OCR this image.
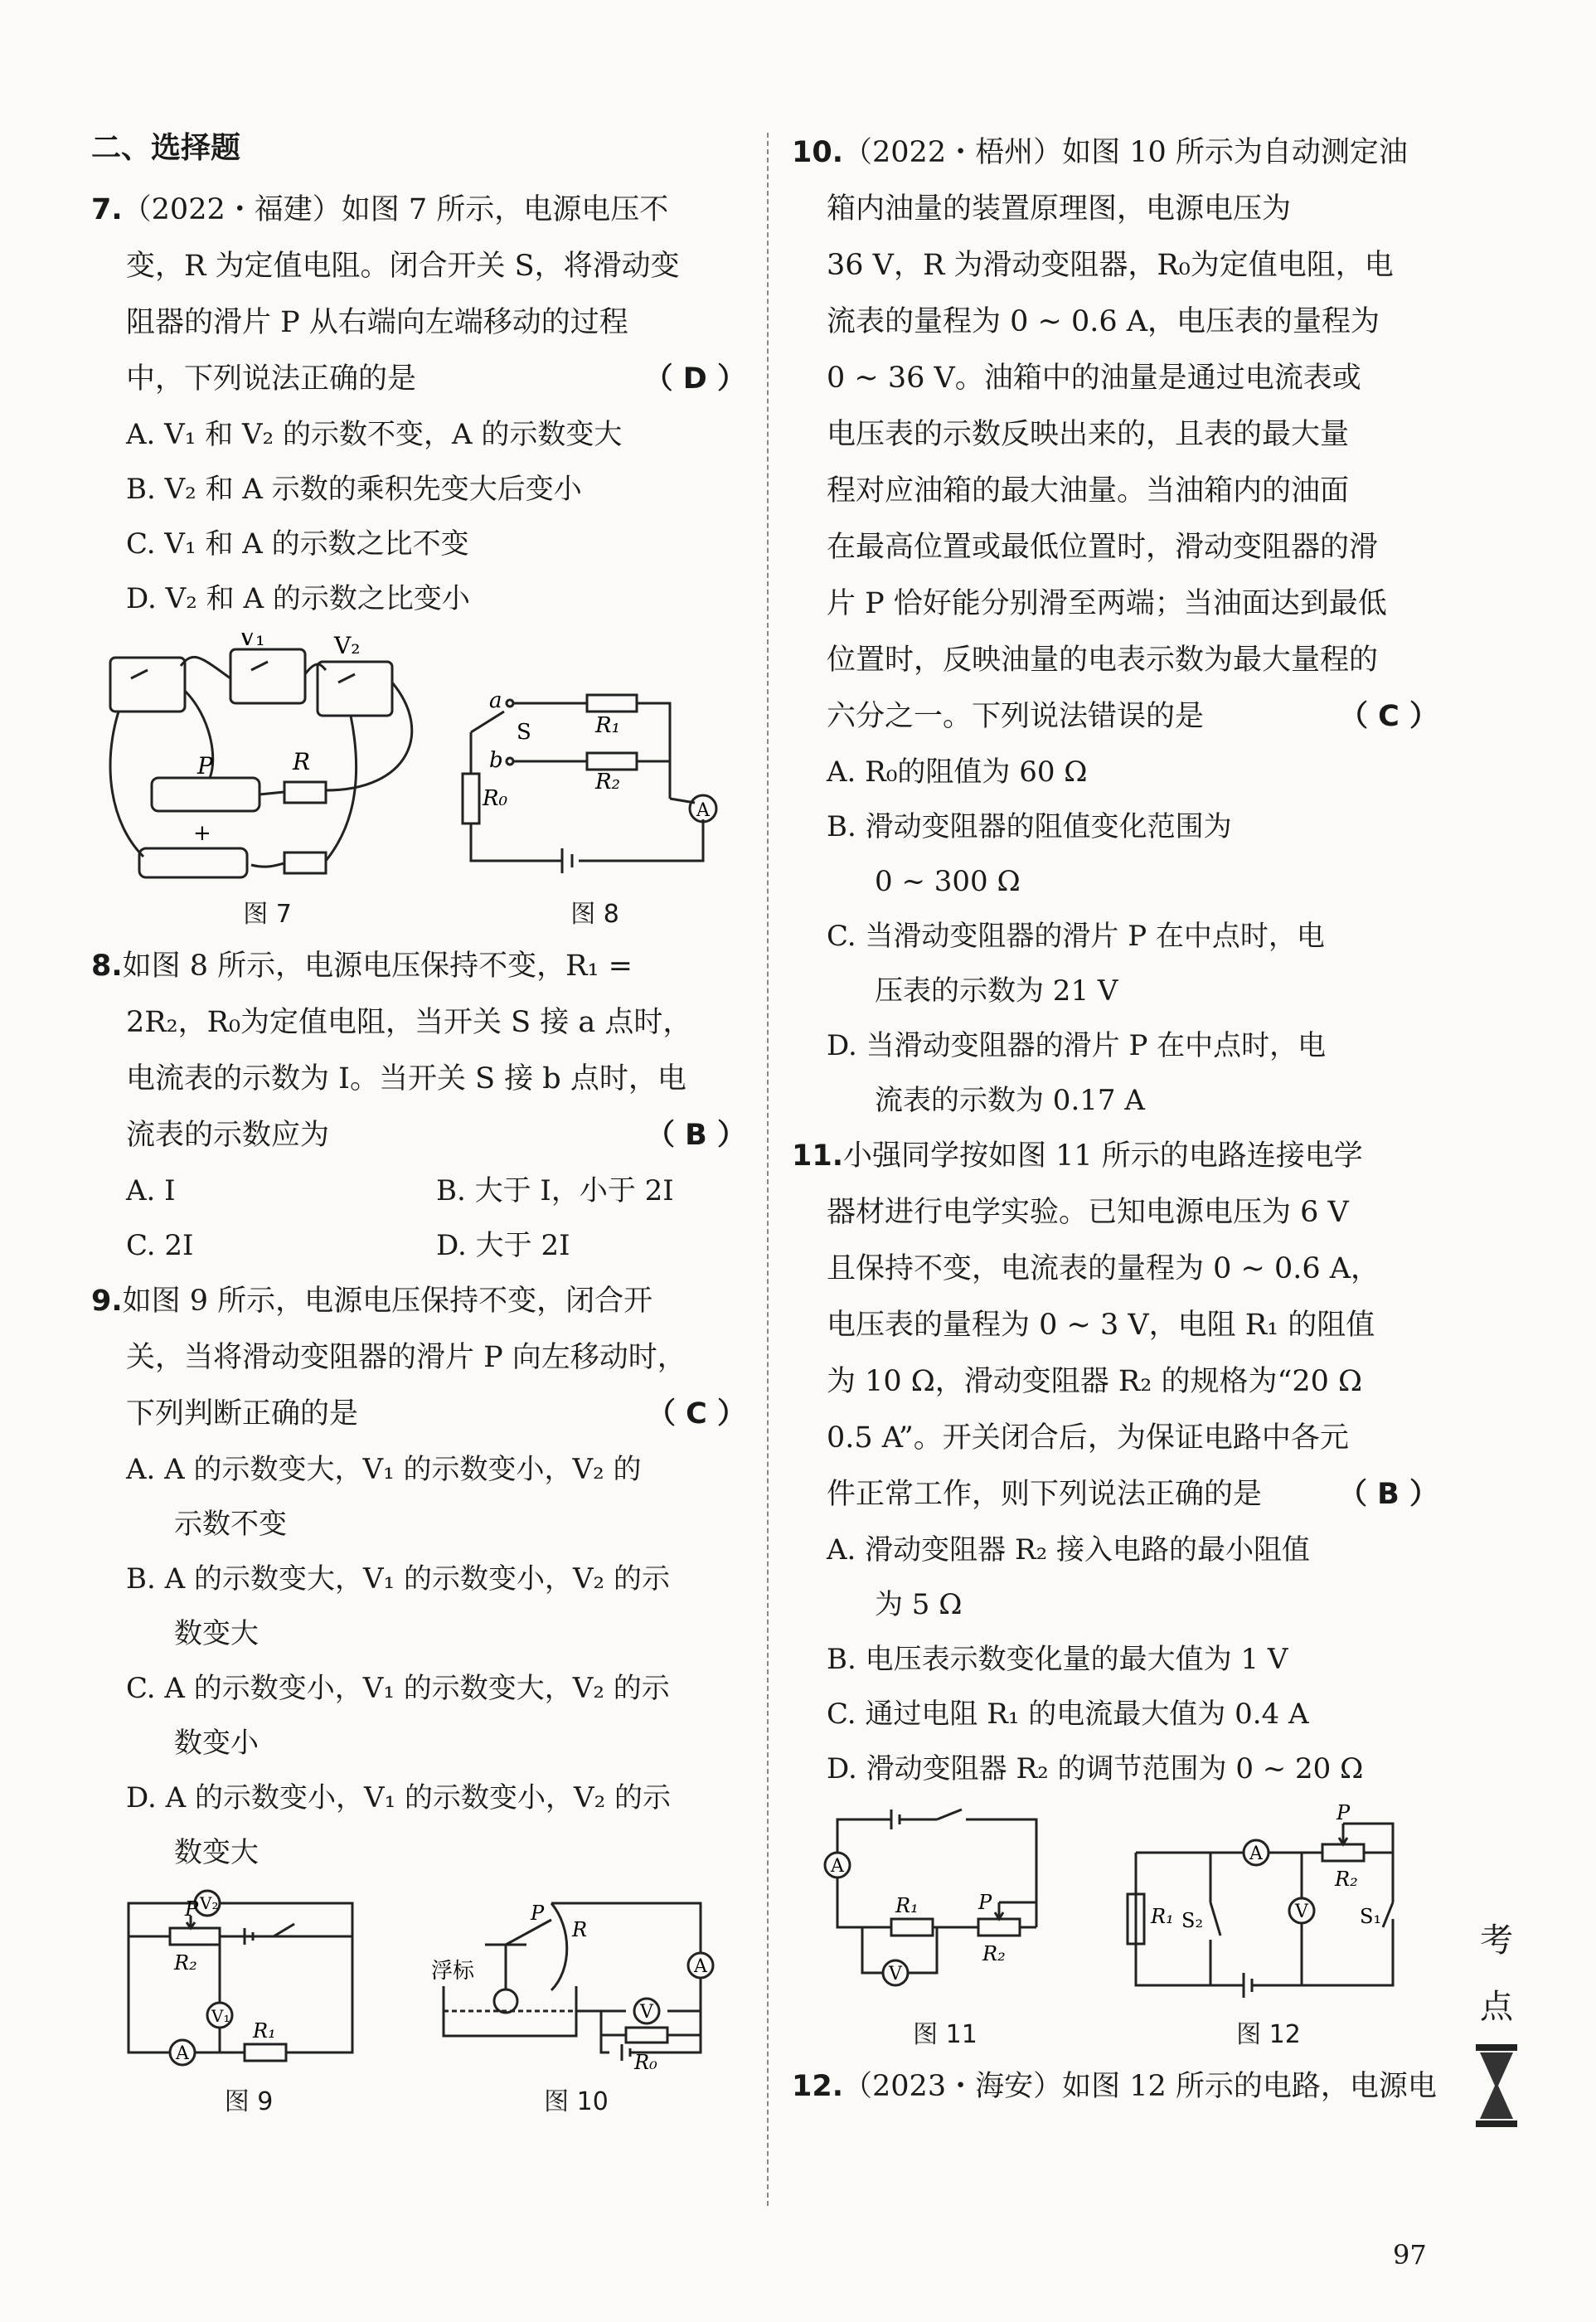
二、选择题
7.（2022・福建）如图 7 所示，电源电压不
变，R 为定值电阻。闭合开关 S，将滑动变
阻器的滑片 P 从右端向左端移动的过程
中，下列说法正确的是	（ D ）
A. V₁ 和 V₂ 的示数不变，A 的示数变大
B. V₂ 和 A 示数的乘积先变大后变小
C. V₁ 和 A 的示数之比不变
D. V₂ 和 A 的示数之比变小
V₁	V₂
P	R
+
图 7
a
b
S	R₁
R₂
R₀	A
图 8
8.如图 8 所示，电源电压保持不变，R₁ =
2R₂，R₀为定值电阻，当开关 S 接 a 点时，
电流表的示数为 I。当开关 S 接 b 点时，电
流表的示数应为	（ B ）
A. I	B. 大于 I，小于 2I
C. 2I	D. 大于 2I
9.如图 9 所示，电源电压保持不变，闭合开
关，当将滑动变阻器的滑片 P 向左移动时，
下列判断正确的是	（ C ）
A. A 的示数变大，V₁ 的示数变小，V₂ 的
示数不变
B. A 的示数变大，V₁ 的示数变小，V₂ 的示
数变大
C. A 的示数变小，V₁ 的示数变大，V₂ 的示
数变小
D. A 的示数变小，V₁ 的示数变小，V₂ 的示
数变大
V₂
P
R₂
V₁
R₁
A
图 9
浮标
P
R
A
V
R₀
图 10
10.（2022・梧州）如图 10 所示为自动测定油
箱内油量的装置原理图，电源电压为
36 V，R 为滑动变阻器，R₀为定值电阻，电
流表的量程为 0 ~ 0.6 A，电压表的量程为
0 ~ 36 V。油箱中的油量是通过电流表或
电压表的示数反映出来的，且表的最大量
程对应油箱的最大油量。当油箱内的油面
在最高位置或最低位置时，滑动变阻器的滑
片 P 恰好能分别滑至两端；当油面达到最低
位置时，反映油量的电表示数为最大量程的
六分之一。下列说法错误的是	（ C ）
A. R₀的阻值为 60 Ω
B. 滑动变阻器的阻值变化范围为
0 ~ 300 Ω
C. 当滑动变阻器的滑片 P 在中点时，电
压表的示数为 21 V
D. 当滑动变阻器的滑片 P 在中点时，电
流表的示数为 0.17 A
11.小强同学按如图 11 所示的电路连接电学
器材进行电学实验。已知电源电压为 6 V
且保持不变，电流表的量程为 0 ~ 0.6 A，
电压表的量程为 0 ~ 3 V，电阻 R₁ 的阻值
为 10 Ω，滑动变阻器 R₂ 的规格为“20 Ω
0.5 A”。开关闭合后，为保证电路中各元
件正常工作，则下列说法正确的是	（ B ）
A. 滑动变阻器 R₂ 接入电路的最小阻值
为 5 Ω
B. 电压表示数变化量的最大值为 1 V
C. 通过电阻 R₁ 的电流最大值为 0.4 A
D. 滑动变阻器 R₂ 的调节范围为 0 ~ 20 Ω
A
R₁	P
R₂
V
图 11
P
R₂
A
R₁ S₂	V	S₁
图 12
12.（2023・海安）如图 12 所示的电路，电源电
考
点
97
